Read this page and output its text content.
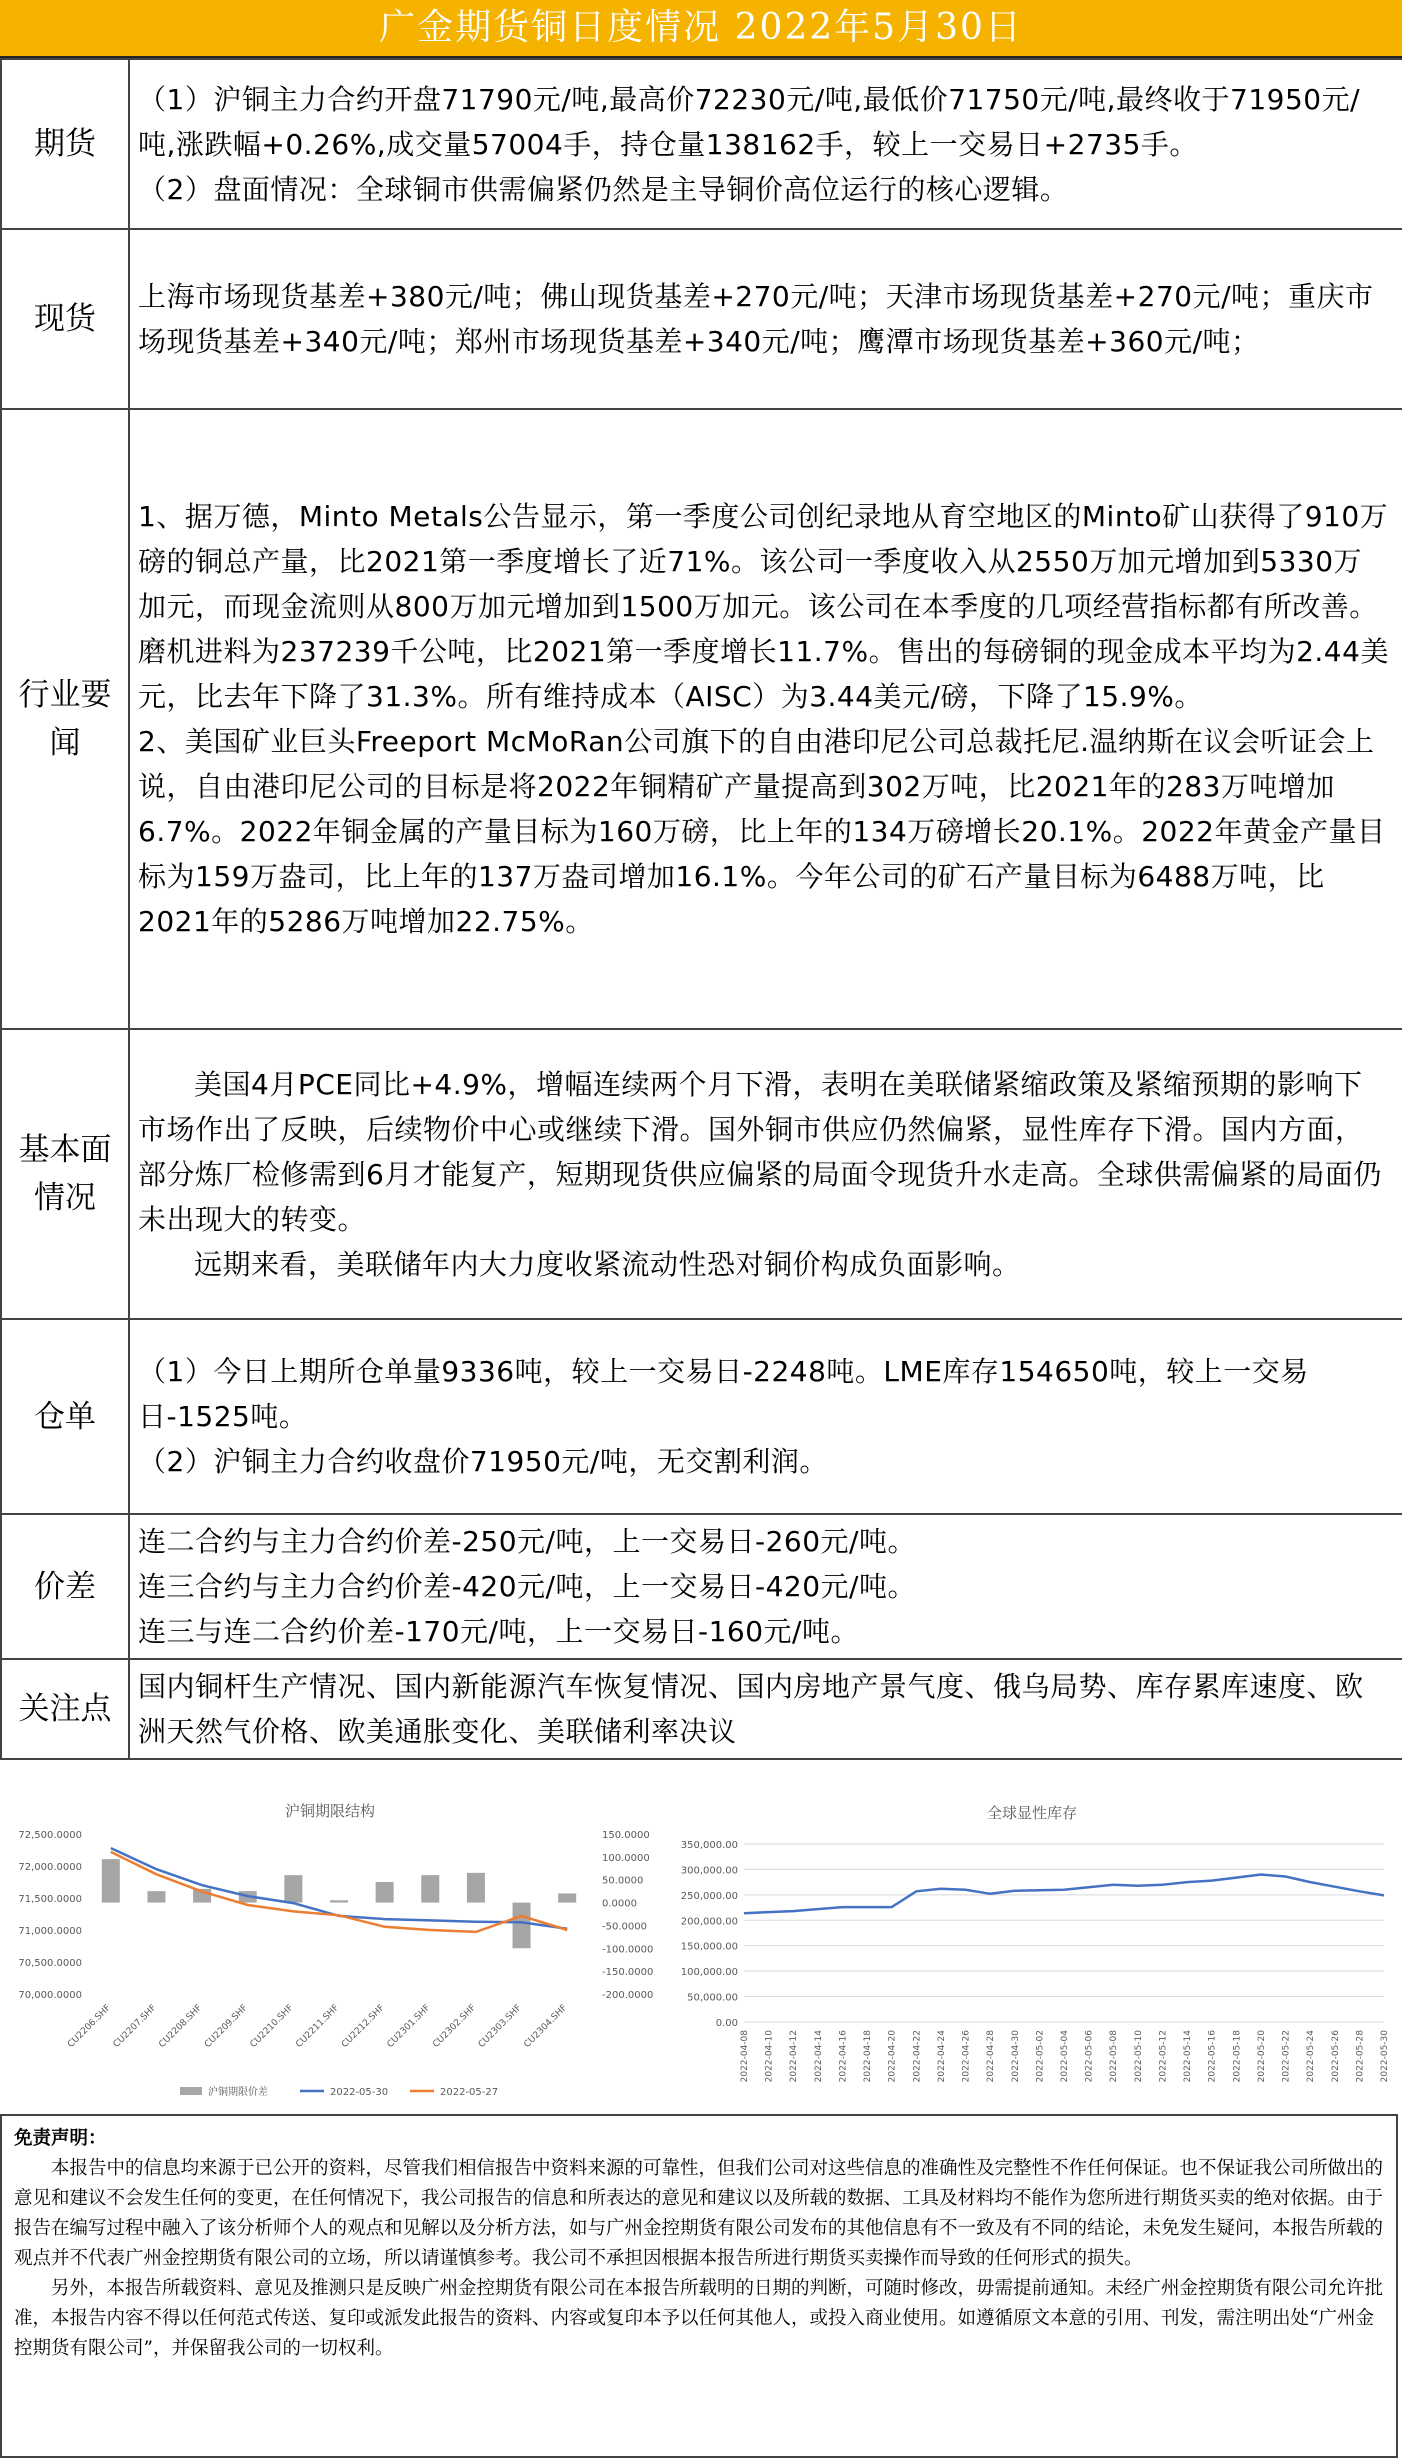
广金期货铜日度情况 2022年5月30日
期货	（1）沪铜主力合约开盘71790元/吨,最高价72230元/吨,最低价71750元/吨,最终收于71950元/吨,涨跌幅+0.26%,成交量57004手，持仓量138162手，较上一交易日+2735手。

（2）盘面情况：全球铜市供需偏紧仍然是主导铜价高位运行的核心逻辑。

现货	上海市场现货基差+380元/吨；佛山现货基差+270元/吨；天津市场现货基差+270元/吨；重庆市场现货基差+340元/吨；郑州市场现货基差+340元/吨；鹰潭市场现货基差+360元/吨；

行业要闻	1、据万德，Minto Metals公告显示，第一季度公司创纪录地从育空地区的Minto矿山获得了910万磅的铜总产量，比2021第一季度增长了近71%。该公司一季度收入从2550万加元增加到5330万加元，而现金流则从800万加元增加到1500万加元。该公司在本季度的几项经营指标都有所改善。磨机进料为237239千公吨，比2021第一季度增长11.7%。售出的每磅铜的现金成本平均为2.44美元，比去年下降了31.3%。所有维持成本（AISC）为3.44美元/磅，下降了15.9%。

2、美国矿业巨头Freeport McMoRan公司旗下的自由港印尼公司总裁托尼.温纳斯在议会听证会上说，自由港印尼公司的目标是将2022年铜精矿产量提高到302万吨，比2021年的283万吨增加6.7%。2022年铜金属的产量目标为160万磅，比上年的134万磅增长20.1%。2022年黄金产量目标为159万盎司，比上年的137万盎司增加16.1%。今年公司的矿石产量目标为6488万吨，比2021年的5286万吨增加22.75%。

基本面情况	美国4月PCE同比+4.9%，增幅连续两个月下滑，表明在美联储紧缩政策及紧缩预期的影响下市场作出了反映，后续物价中心或继续下滑。国外铜市供应仍然偏紧，显性库存下滑。国内方面，部分炼厂检修需到6月才能复产，短期现货供应偏紧的局面令现货升水走高。全球供需偏紧的局面仍未出现大的转变。

远期来看，美联储年内大力度收紧流动性恐对铜价构成负面影响。

仓单	（1）今日上期所仓单量9336吨，较上一交易日-2248吨。LME库存154650吨，较上一交易日-1525吨。

（2）沪铜主力合约收盘价71950元/吨，无交割利润。

价差	连二合约与主力合约价差-250元/吨，上一交易日-260元/吨。

连三合约与主力合约价差-420元/吨，上一交易日-420元/吨。

连三与连二合约价差-170元/吨，上一交易日-160元/吨。

关注点	国内铜杆生产情况、国内新能源汽车恢复情况、国内房地产景气度、俄乌局势、库存累库速度、欧洲天然气价格、欧美通胀变化、美联储利率决议

沪铜期限结构
70,000.0000
70,500.0000
71,000.0000
71,500.0000
72,000.0000
72,500.0000
-200.0000
-150.0000
-100.0000
-50.0000
0.0000
50.0000
100.0000
150.0000
CU2206.SHF
CU2207.SHF
CU2208.SHF
CU2209.SHF
CU2210.SHF
CU2211.SHF
CU2212.SHF
CU2301.SHF
CU2302.SHF
CU2303.SHF
CU2304.SHF
沪铜期限价差	2022-05-30	2022-05-27
全球显性库存
0.00
50,000.00
100,000.00
150,000.00
200,000.00
250,000.00
300,000.00
350,000.00
2022-04-08 2022-04-10 2022-04-12 2022-04-14 2022-04-16 2022-04-18 2022-04-20 2022-04-22 2022-04-24 2022-04-26 2022-04-28 2022-04-30 2022-05-02 2022-05-04 2022-05-06 2022-05-08 2022-05-10 2022-05-12 2022-05-14 2022-05-16 2022-05-18 2022-05-20 2022-05-22 2022-05-24 2022-05-26 2022-05-28 2022-05-30

免责声明：

本报告中的信息均来源于已公开的资料，尽管我们相信报告中资料来源的可靠性，但我们公司对这些信息的准确性及完整性不作任何保证。也不保证我公司所做出的意见和建议不会发生任何的变更，在任何情况下，我公司报告的信息和所表达的意见和建议以及所载的数据、工具及材料均不能作为您所进行期货买卖的绝对依据。由于报告在编写过程中融入了该分析师个人的观点和见解以及分析方法，如与广州金控期货有限公司发布的其他信息有不一致及有不同的结论，未免发生疑问，本报告所载的观点并不代表广州金控期货有限公司的立场，所以请谨慎参考。我公司不承担因根据本报告所进行期货买卖操作而导致的任何形式的损失。

另外，本报告所载资料、意见及推测只是反映广州金控期货有限公司在本报告所载明的日期的判断，可随时修改，毋需提前通知。未经广州金控期货有限公司允许批准，本报告内容不得以任何范式传送、复印或派发此报告的资料、内容或复印本予以任何其他人，或投入商业使用。如遵循原文本意的引用、刊发，需注明出处“广州金控期货有限公司”，并保留我公司的一切权利。
